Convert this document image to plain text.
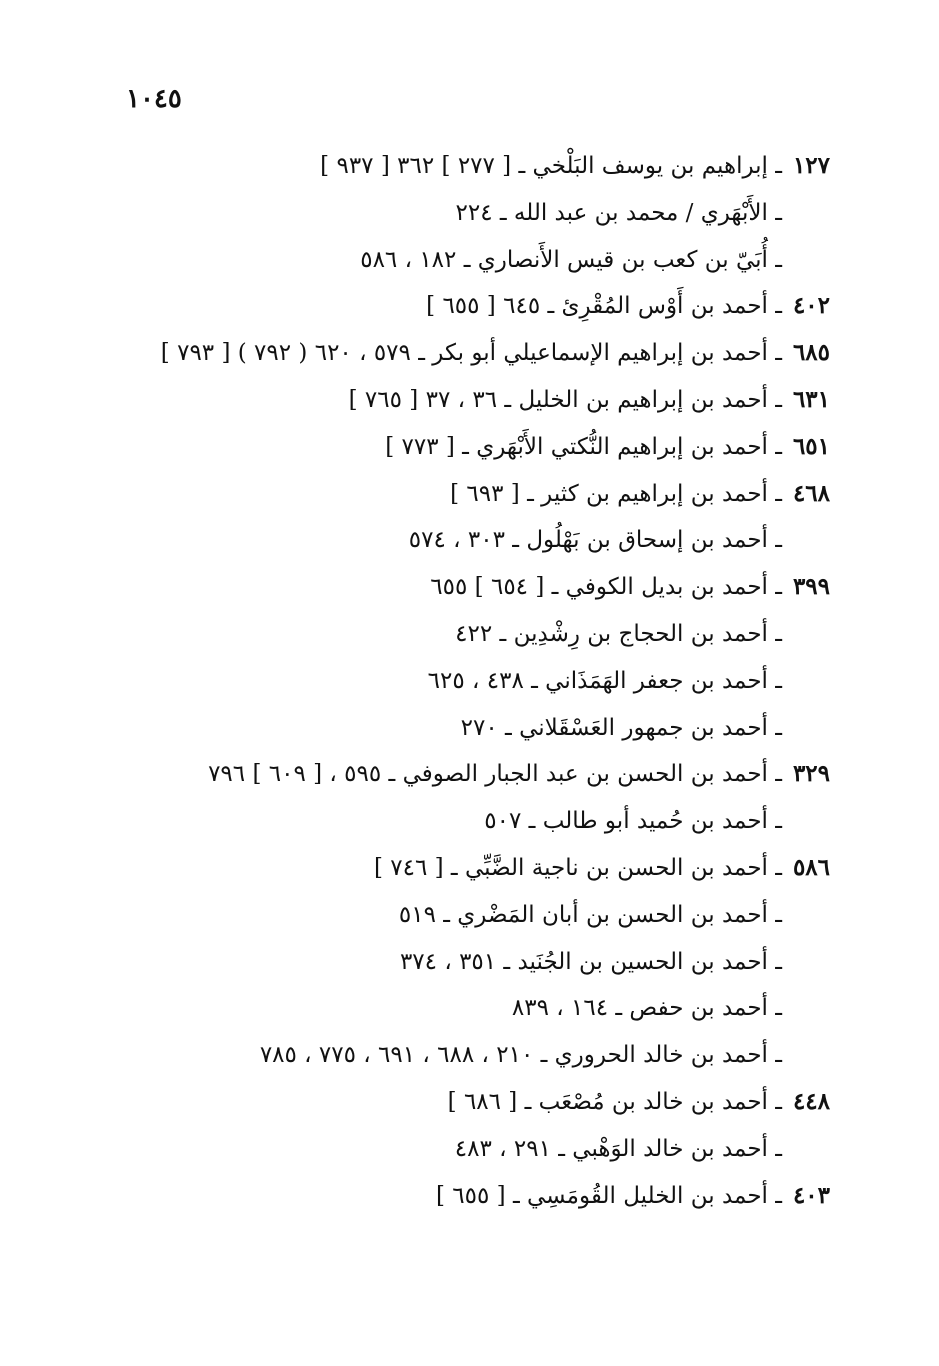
١٠٤٥
١٢٧
ـ إبراهيم بن يوسف البَلْخي ـ [ ٢٧٧ ] ٣٦٢ [ ٩٣٧ ]
ـ الأَبْهَري / محمد بن عبد الله ـ ٢٢٤
ـ أُبَيّ بن كعب بن قيس الأَنصاري ـ ١٨٢ ، ٥٨٦
٤٠٢
ـ أحمد بن أَوْس المُقْرِئ ـ ٦٤٥ [ ٦٥٥ ]
٦٨٥
ـ أحمد بن إبراهيم الإسماعيلي أبو بكر ـ ٥٧٩ ، ٦٢٠ ( ٧٩٢ ) [ ٧٩٣ ]
٦٣١
ـ أحمد بن إبراهيم بن الخليل ـ ٣٦ ، ٣٧ [ ٧٦٥ ]
٦٥١
ـ أحمد بن إبراهيم النُّكتي الأَبْهَري ـ [ ٧٧٣ ]
٤٦٨
ـ أحمد بن إبراهيم بن كثير ـ [ ٦٩٣ ]
ـ أحمد بن إسحاق بن بَهْلُول ـ ٣٠٣ ، ٥٧٤
٣٩٩
ـ أحمد بن بديل الكوفي ـ [ ٦٥٤ ] ٦٥٥
ـ أحمد بن الحجاج بن رِشْدِين ـ ٤٢٢
ـ أحمد بن جعفر الهَمَذَاني ـ ٤٣٨ ، ٦٢٥
ـ أحمد بن جمهور العَسْقَلاني ـ ٢٧٠
٣٢٩
ـ أحمد بن الحسن بن عبد الجبار الصوفي ـ ٥٩٥ ، [ ٦٠٩ ] ٧٩٦
ـ أحمد بن حُميد أبو طالب ـ ٥٠٧
٥٨٦
ـ أحمد بن الحسن بن ناجية الضَّبِّي ـ [ ٧٤٦ ]
ـ أحمد بن الحسن بن أبان المَضْري ـ ٥١٩
ـ أحمد بن الحسين بن الجُنَيد ـ ٣٥١ ، ٣٧٤
ـ أحمد بن حفص ـ ١٦٤ ، ٨٣٩
ـ أحمد بن خالد الحروري ـ ٢١٠ ، ٦٨٨ ، ٦٩١ ، ٧٧٥ ، ٧٨٥
٤٤٨
ـ أحمد بن خالد بن مُصْعَب ـ [ ٦٨٦ ]
ـ أحمد بن خالد الوَهْبي ـ ٢٩١ ، ٤٨٣
٤٠٣
ـ أحمد بن الخليل القُومَسِي ـ [ ٦٥٥ ]
